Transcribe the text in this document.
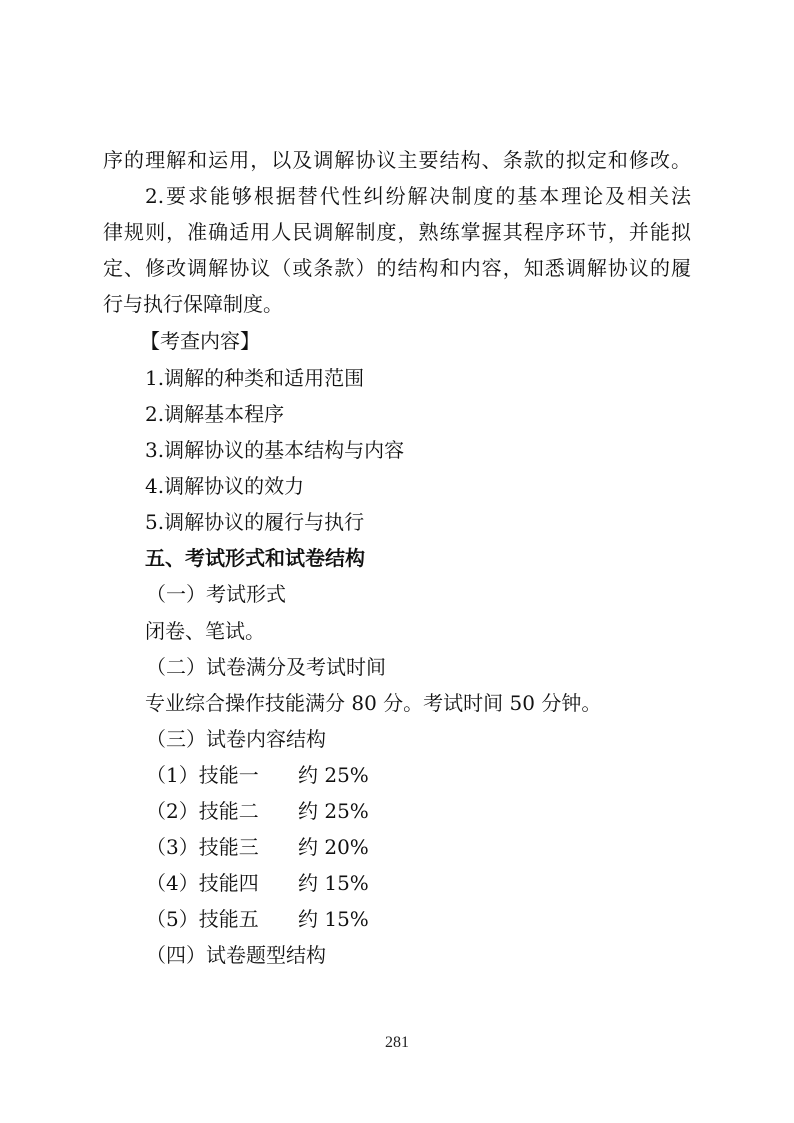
序的理解和运用，以及调解协议主要结构、条款的拟定和修改。
2.要求能够根据替代性纠纷解决制度的基本理论及相关法
律规则，准确适用人民调解制度，熟练掌握其程序环节，并能拟
定、修改调解协议（或条款）的结构和内容，知悉调解协议的履
行与执行保障制度。
【考查内容】
1.调解的种类和适用范围
2.调解基本程序
3.调解协议的基本结构与内容
4.调解协议的效力
5.调解协议的履行与执行
五、考试形式和试卷结构
（一）考试形式
闭卷、笔试。
（二）试卷满分及考试时间
专业综合操作技能满分 80 分。考试时间 50 分钟。
（三）试卷内容结构
（1）技能一 约 25%
（2）技能二 约 25%
（3）技能三 约 20%
（4）技能四 约 15%
（5）技能五 约 15%
（四）试卷题型结构
281
